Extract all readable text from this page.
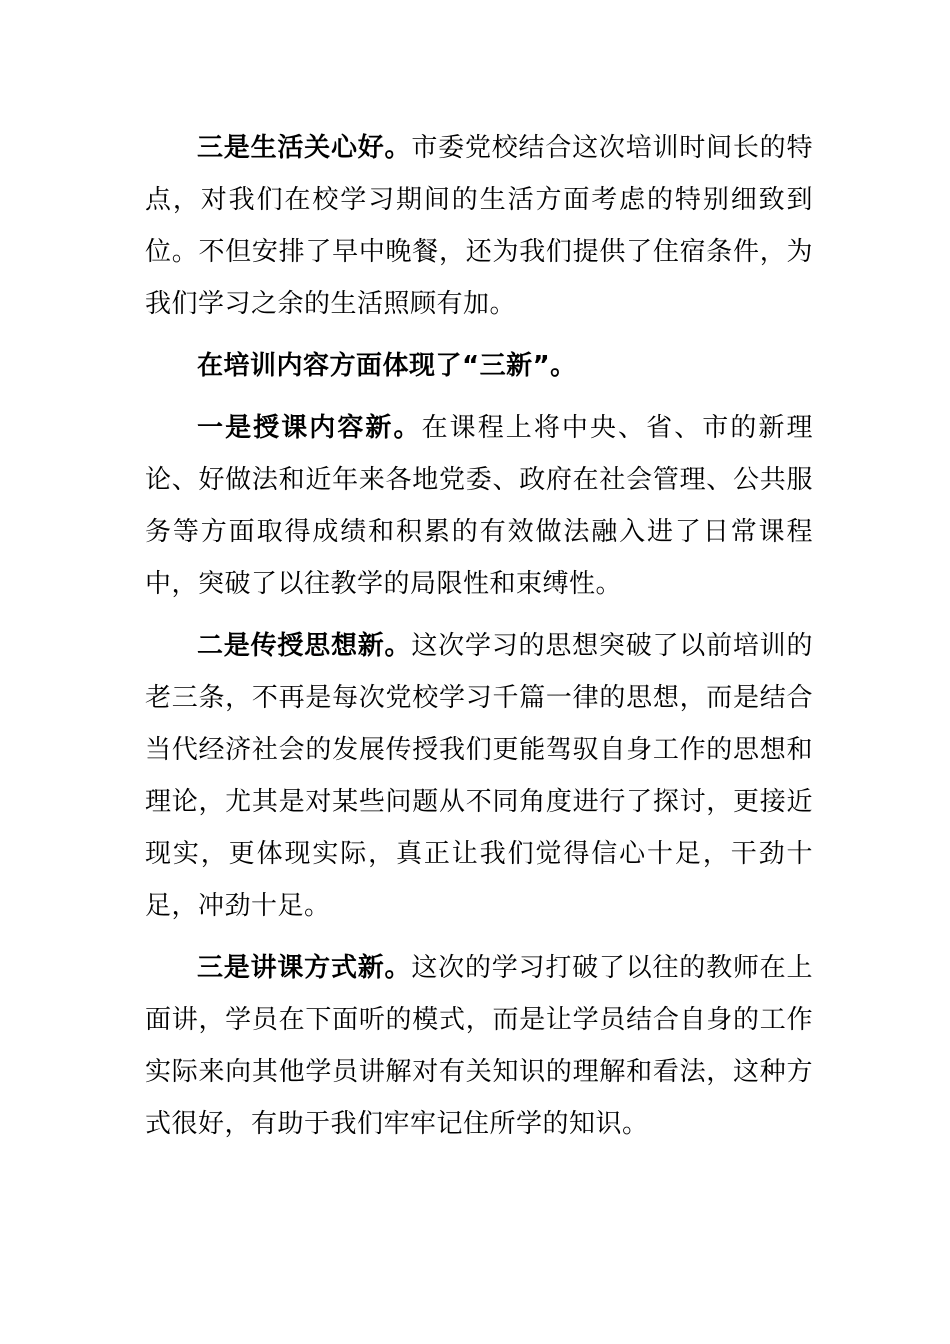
三是生活关心好。市委党校结合这次培训时间长的特点，对我们在校学习期间的生活方面考虑的特别细致到位。不但安排了早中晚餐，还为我们提供了住宿条件，为我们学习之余的生活照顾有加。

在培训内容方面体现了“三新”。

一是授课内容新。在课程上将中央、省、市的新理论、好做法和近年来各地党委、政府在社会管理、公共服务等方面取得成绩和积累的有效做法融入进了日常课程中，突破了以往教学的局限性和束缚性。

二是传授思想新。这次学习的思想突破了以前培训的老三条，不再是每次党校学习千篇一律的思想，而是结合当代经济社会的发展传授我们更能驾驭自身工作的思想和理论，尤其是对某些问题从不同角度进行了探讨，更接近现实，更体现实际，真正让我们觉得信心十足，干劲十足，冲劲十足。

三是讲课方式新。这次的学习打破了以往的教师在上面讲，学员在下面听的模式，而是让学员结合自身的工作实际来向其他学员讲解对有关知识的理解和看法，这种方式很好，有助于我们牢牢记住所学的知识。
